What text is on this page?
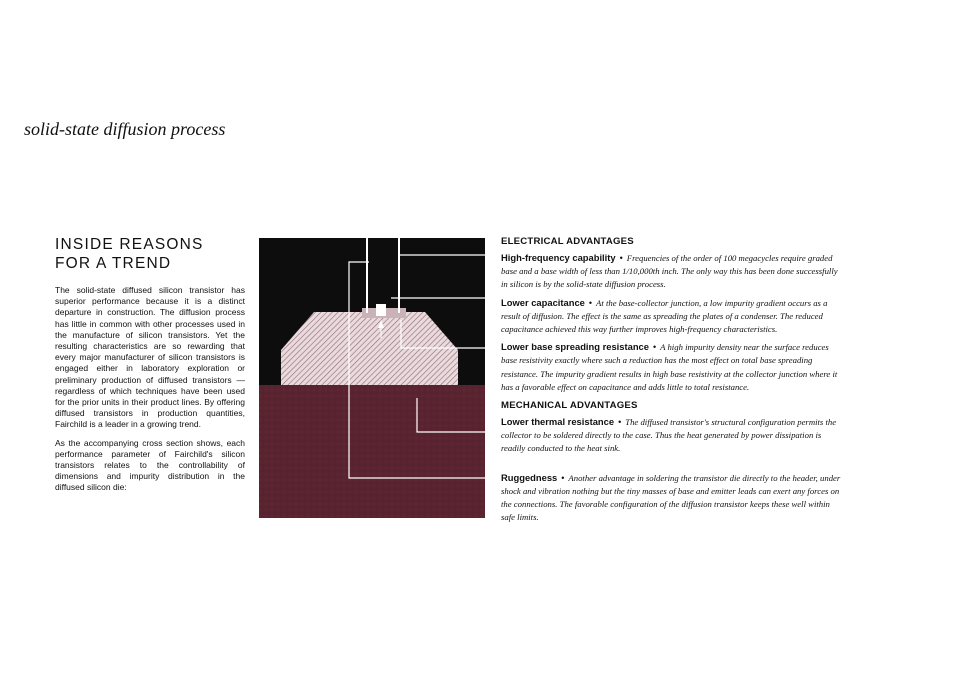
solid-state diffusion process
INSIDE REASONS
FOR A TREND

The solid-state diffused silicon transistor has superior performance because it is a distinct departure in construction. The diffusion process has little in common with other processes used in the manufacture of silicon transistors. Yet the resulting characteristics are so rewarding that every major manufacturer of silicon transistors is engaged either in laboratory exploration or preliminary production of diffused transistors — regardless of which techniques have been used for the prior units in their product lines. By offering diffused transistors in production quantities, Fairchild is a leader in a growing trend.

As the accompanying cross section shows, each performance parameter of Fairchild's silicon transistors relates to the controllability of dimensions and impurity distribution in the diffused silicon die:

ELECTRICAL ADVANTAGES
High-frequency capability • Frequencies of the order of 100 megacycles require graded base and a base width of less than 1/10,000th inch. The only way this has been done successfully in silicon is by the solid-state diffusion process.
Lower capacitance • At the base-collector junction, a low impurity gradient occurs as a result of diffusion. The effect is the same as spreading the plates of a condenser. The reduced capacitance achieved this way further improves high-frequency characteristics.
Lower base spreading resistance • A high impurity density near the surface reduces base resistivity exactly where such a reduction has the most effect on total base spreading resistance. The impurity gradient results in high base resistivity at the collector junction where it has a favorable effect on capacitance and adds little to total resistance.
MECHANICAL ADVANTAGES
Lower thermal resistance • The diffused transistor's structural configuration permits the collector to be soldered directly to the case. Thus the heat generated by power dissipation is readily conducted to the heat sink.
Ruggedness • Another advantage in soldering the transistor die directly to the header, under shock and vibration nothing but the tiny masses of base and emitter leads can exert any forces on the connections. The favorable configuration of the diffusion transistor keeps these well within safe limits.
